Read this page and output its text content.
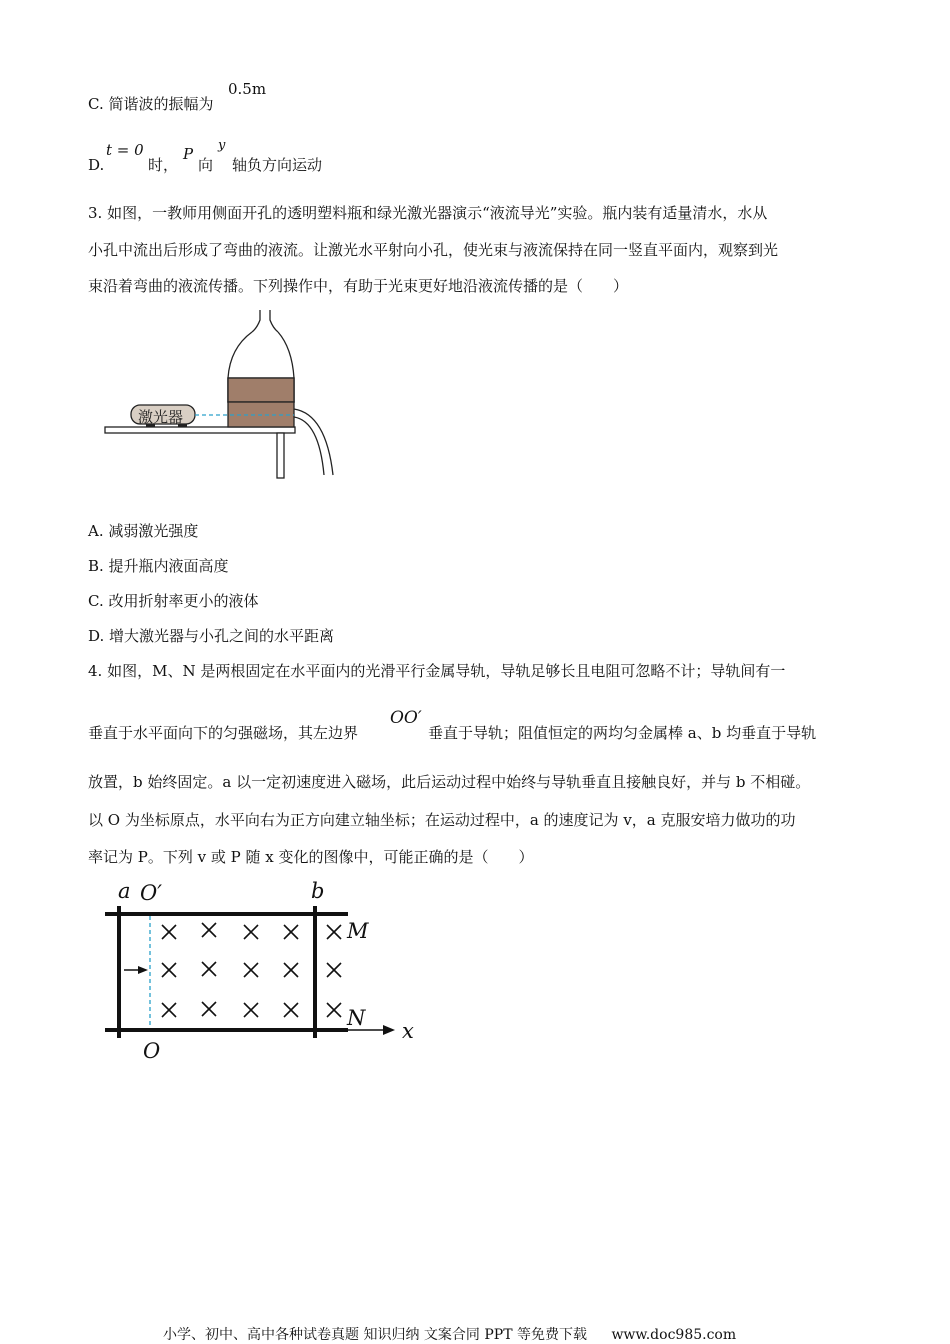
C. 简谐波的振幅为
0.5m
D.
t = 0
时，
P
向
y
轴负方向运动
3. 如图，一教师用侧面开孔的透明塑料瓶和绿光激光器演示“液流导光”实验。瓶内装有适量清水，水从
小孔中流出后形成了弯曲的液流。让激光水平射向小孔，使光束与液流保持在同一竖直平面内，观察到光
束沿着弯曲的液流传播。下列操作中，有助于光束更好地沿液流传播的是（　　）
激光器
A. 减弱激光强度
B. 提升瓶内液面高度
C. 改用折射率更小的液体
D. 增大激光器与小孔之间的水平距离
4. 如图，M、N 是两根固定在水平面内的光滑平行金属导轨，导轨足够长且电阻可忽略不计；导轨间有一
垂直于水平面向下的匀强磁场，其左边界
OO′
垂直于导轨；阻值恒定的两均匀金属棒 a、b 均垂直于导轨
放置，b 始终固定。a 以一定初速度进入磁场，此后运动过程中始终与导轨垂直且接触良好，并与 b 不相碰。
以 O 为坐标原点，水平向右为正方向建立轴坐标；在运动过程中，a 的速度记为 v，a 克服安培力做功的功
率记为 P。下列 v 或 P 随 x 变化的图像中，可能正确的是（　　）
a O′	b
M
N
O
x
小学、初中、高中各种试卷真题 知识归纳 文案合同 PPT 等免费下载 www.doc985.com
